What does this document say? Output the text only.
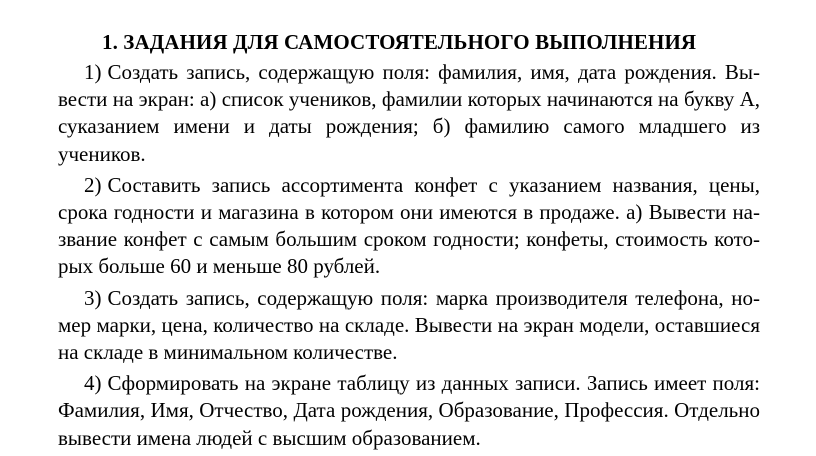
1. ЗАДАНИЯ ДЛЯ САМОСТОЯТЕЛЬНОГО ВЫПОЛНЕНИЯ

1) Создать запись, содержащую поля: фамилия, имя, дата рождения. Вы- вести на экран: а) список учеников, фамилии которых начинаются на букву А, суказанием имени и даты рождения; б) фамилию самого младшего из учеников.

2) Составить запись ассортимента конфет с указанием названия, цены, срока годности и магазина в котором они имеются в продаже. а) Вывести на- звание конфет с самым большим сроком годности; конфеты, стоимость кото- рых больше 60 и меньше 80 рублей.

3) Создать запись, содержащую поля: марка производителя телефона, но-мер марки, цена, количество на складе. Вывести на экран модели, оставшиеся на складе в минимальном количестве.

4) Сформировать на экране таблицу из данных записи. Запись имеет поля: Фамилия, Имя, Отчество, Дата рождения, Образование, Профессия. Отдельно вывести имена людей с высшим образованием.
